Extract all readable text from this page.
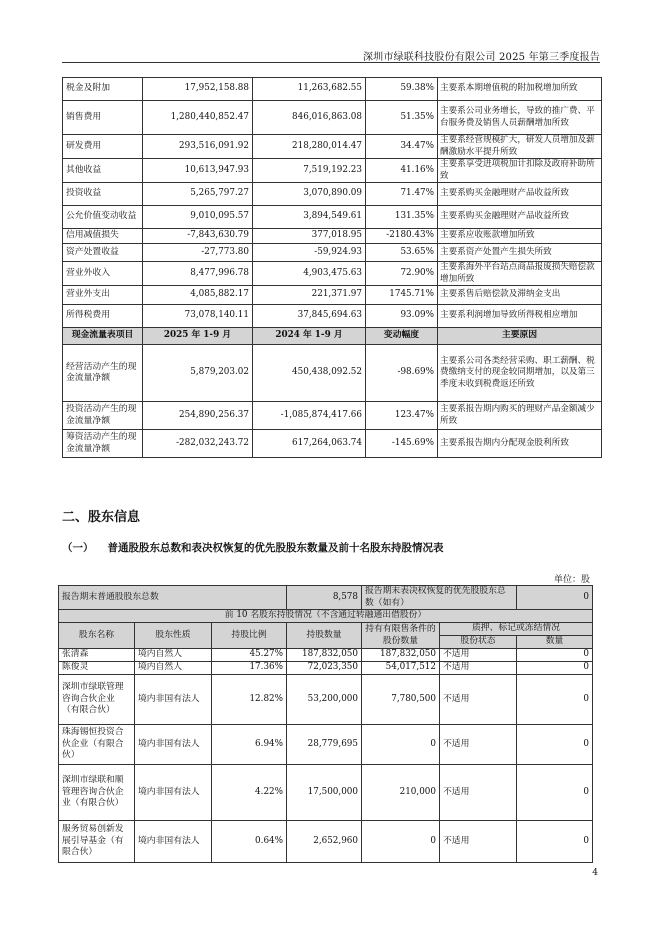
深圳市绿联科技股份有限公司 2025 年第三季度报告
税金及附加	17,952,158.88	11,263,682.55	59.38%	主要系本期增值税的附加税增加所致
销售费用	1,280,440,852.47	846,016,863.08	51.35%	主要系公司业务增长，导致的推广费、平台服务费及销售人员薪酬增加所致
研发费用	293,516,091.92	218,280,014.47	34.47%	主要系经营规模扩大，研发人员增加及薪酬激励水平提升所致
其他收益	10,613,947.93	7,519,192.23	41.16%	主要系享受进项税加计扣除及政府补助所致
投资收益	5,265,797.27	3,070,890.09	71.47%	主要系购买金融理财产品收益所致
公允价值变动收益	9,010,095.57	3,894,549.61	131.35%	主要系购买金融理财产品收益所致
信用减值损失	-7,843,630.79	377,018.95	-2180.43%	主要系应收账款增加所致
资产处置收益	-27,773.80	-59,924.93	53.65%	主要系资产处置产生损失所致
营业外收入	8,477,996.78	4,903,475.63	72.90%	主要系海外平台站点商品报废损失赔偿款增加所致
营业外支出	4,085,882.17	221,371.97	1745.71%	主要系售后赔偿款及滞纳金支出
所得税费用	73,078,140.11	37,845,694.63	93.09%	主要系利润增加导致所得税相应增加
现金流量表项目	2025 年 1-9 月	2024 年 1-9 月	变动幅度	主要原因
经营活动产生的现金流量净额	5,879,203.02	450,438,092.52	-98.69%	主要系公司各类经营采购、职工薪酬、税费缴纳支付的现金较同期增加，以及第三季度未收到税费返还所致
投资活动产生的现金流量净额	254,890,256.37	-1,085,874,417.66	123.47%	主要系报告期内购买的理财产品金额减少所致
筹资活动产生的现金流量净额	-282,032,243.72	617,264,063.74	-145.69%	主要系报告期内分配现金股利所致
二、股东信息
（一） 普通股股东总数和表决权恢复的优先股股东数量及前十名股东持股情况表
单位：股
报告期末普通股股东总数			8,578	报告期末表决权恢复的优先股股东总数（如有）		0
前 10 名股东持股情况（不含通过转融通出借股份）						
股东名称	股东性质	持股比例	持股数量	持有有限售条件的股份数量	质押、标记或冻结情况	
					股份状态	数量
张清森	境内自然人	45.27%	187,832,050	187,832,050	不适用	0
陈俊灵	境内自然人	17.36%	72,023,350	54,017,512	不适用	0
深圳市绿联管理咨询合伙企业（有限合伙）	境内非国有法人	12.82%	53,200,000	7,780,500	不适用	0
珠海锡恒投资合伙企业（有限合伙）	境内非国有法人	6.94%	28,779,695	0	不适用	0
深圳市绿联和顺管理咨询合伙企业（有限合伙）	境内非国有法人	4.22%	17,500,000	210,000	不适用	0
服务贸易创新发展引导基金（有限合伙）	境内非国有法人	0.64%	2,652,960	0	不适用	0
4
